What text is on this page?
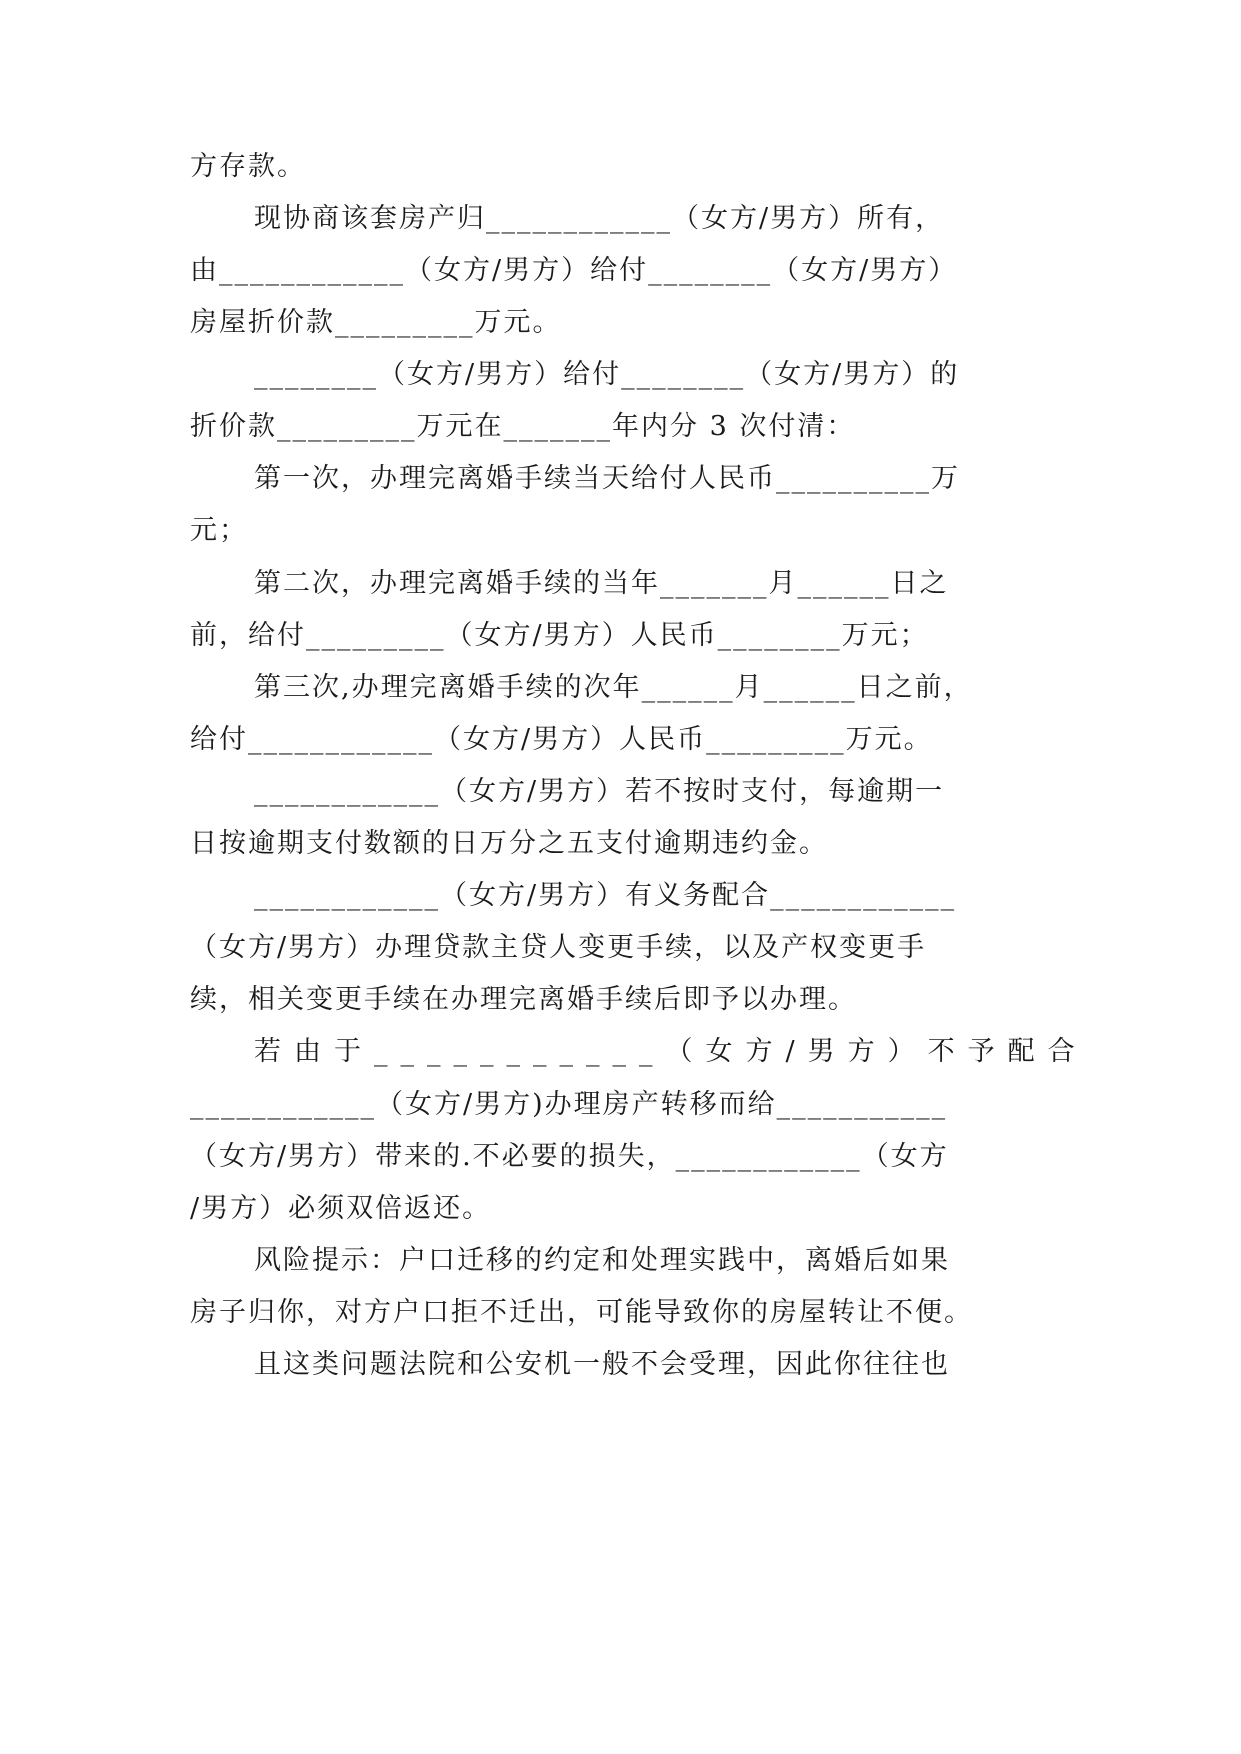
方存款。
现协商该套房产归____________（女方/男方）所有，
由____________（女方/男方）给付________（女方/男方）
房屋折价款_________万元。
________（女方/男方）给付________（女方/男方）的
折价款_________万元在_______年内分 3 次付清：
第一次，办理完离婚手续当天给付人民币__________万
元；
第二次，办理完离婚手续的当年_______月______日之
前，给付_________（女方/男方）人民币________万元；
第三次,办理完离婚手续的次年______月______日之前，
给付____________（女方/男方）人民币_________万元。
____________（女方/男方）若不按时支付，每逾期一
日按逾期支付数额的日万分之五支付逾期违约金。
____________（女方/男方）有义务配合____________
（女方/男方）办理贷款主贷人变更手续，以及产权变更手
续，相关变更手续在办理完离婚手续后即予以办理。
若由于___________（女方/男方）不予配合
____________（女方/男方)办理房产转移而给___________
（女方/男方）带来的.不必要的损失，____________（女方
/男方）必须双倍返还。
风险提示：户口迁移的约定和处理实践中，离婚后如果
房子归你，对方户口拒不迁出，可能导致你的房屋转让不便。
且这类问题法院和公安机一般不会受理，因此你往往也
